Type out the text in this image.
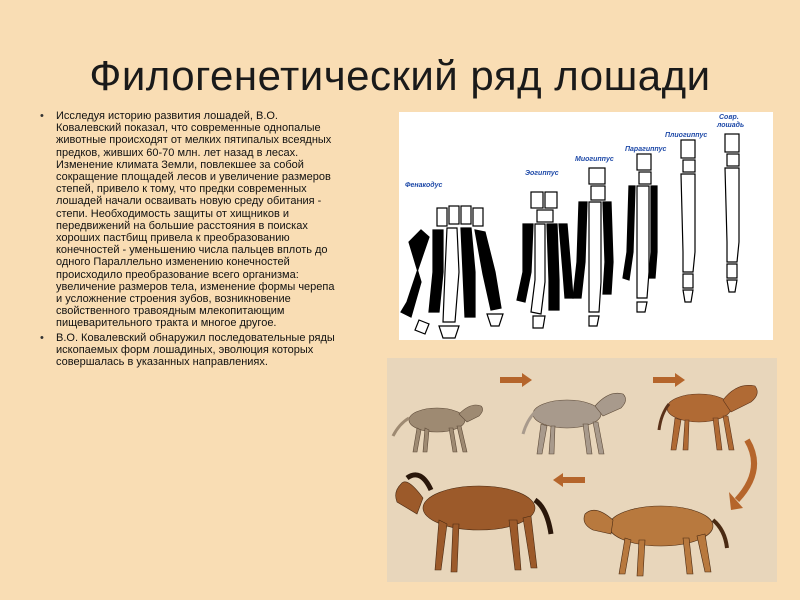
Филогенетический ряд лошади
• Исследуя историю развития лошадей, В.О. Ковалевский показал, что современные однопалые животные происходят от мелких пятипалых всеядных предков, живших 60-70 млн. лет назад в лесах. Изменение климата Земли, повлекшее за собой сокращение площадей лесов и увеличение размеров степей, привело к тому, что предки современных лошадей начали осваивать новую среду обитания - степи. Необходимость защиты от хищников и передвижений на большие расстояния в поисках хороших пастбищ привела к преобразованию конечностей - уменьшению числа пальцев вплоть до одного Параллельно изменению конечностей происходило преобразование всего организма: увеличение размеров тела, изменение формы черепа и усложнение строения зубов, возникновение свойственного травоядным млекопитающим пищеварительного тракта и многое другое.
• В.О. Ковалевский обнаружил последовательные ряды ископаемых форм лошадиных, эволюция которых совершалась в указанных направлениях.
Фенакодус
Эогиппус
Миогиппус
Парагиппус
Плиогиппус
Совр.
лошадь
